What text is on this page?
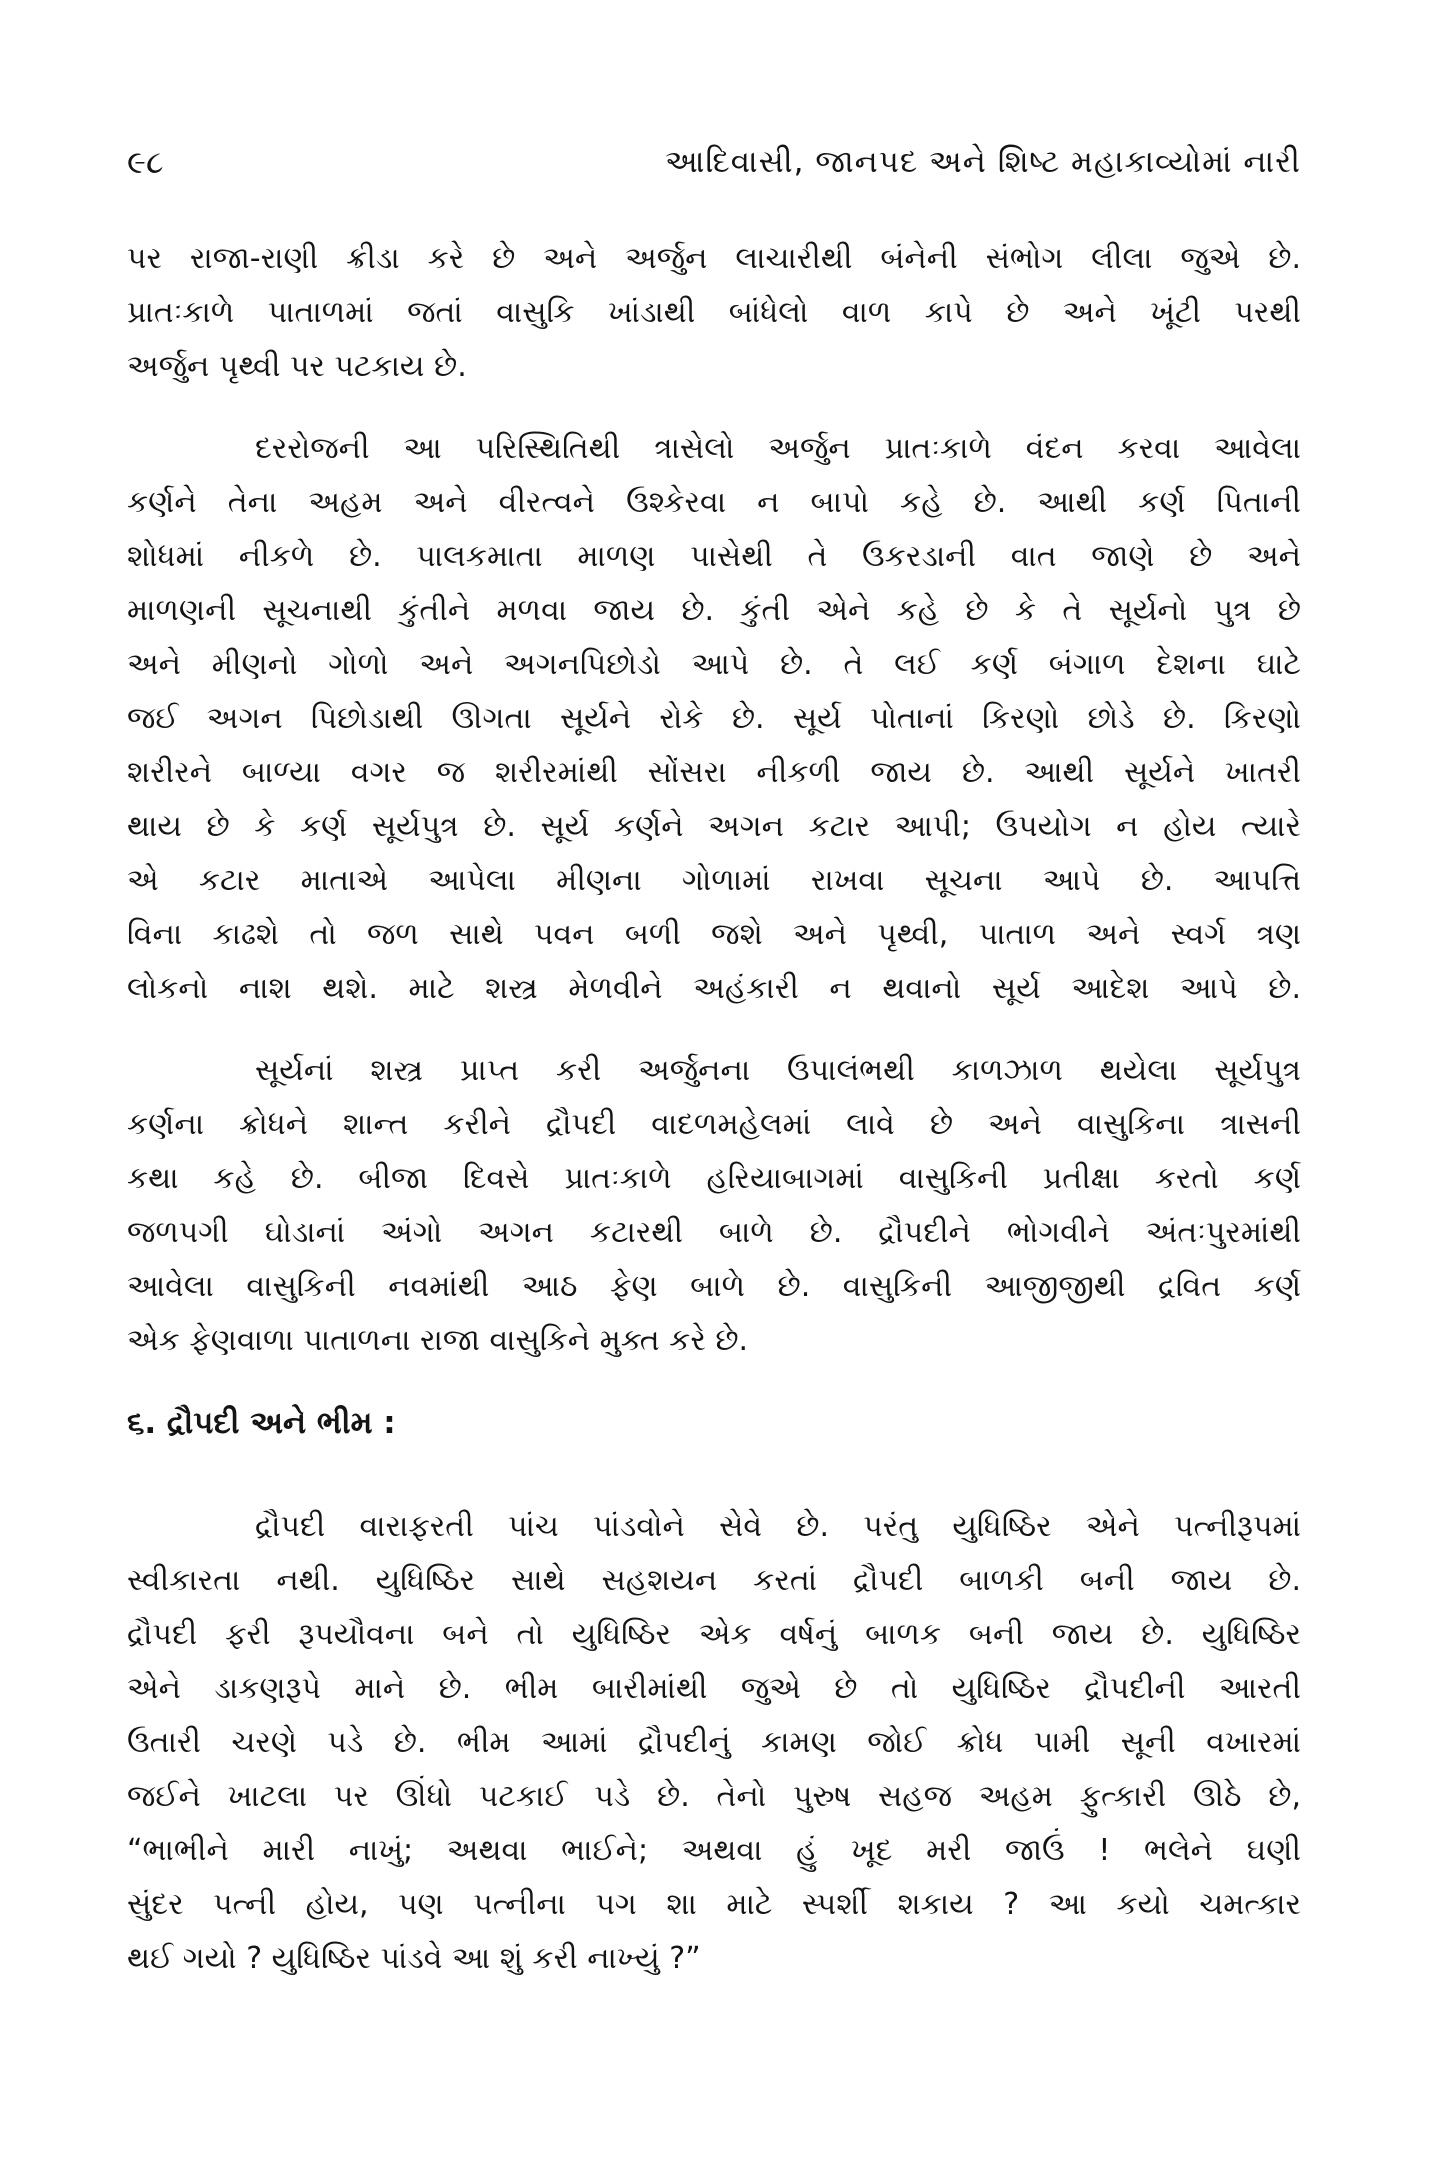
૯૮	આદિવાસી, જાનપદ અને શિષ્ટ મહાકાવ્યોમાં નારી
પર રાજા-રાણી ક્રીડા કરે છે અને અર્જુન લાચારીથી બંનેની સંભોગ લીલા જુએ છે.
પ્રાતઃકાળે પાતાળમાં જતાં વાસુકિ ખાંડાથી બાંધેલો વાળ કાપે છે અને ખૂંટી પરથી
અર્જુન પૃથ્વી પર પટકાય છે.
દરરોજની આ પરિસ્થિતિથી ત્રાસેલો અર્જુન પ્રાતઃકાળે વંદન કરવા આવેલા
કર્ણને તેના અહમ અને વીરત્વને ઉશ્કેરવા ન બાપો કહે છે. આથી કર્ણ પિતાની
શોધમાં નીકળે છે. પાલકમાતા માળણ પાસેથી તે ઉકરડાની વાત જાણે છે અને
માળણની સૂચનાથી કુંતીને મળવા જાય છે. કુંતી એને કહે છે કે તે સૂર્યનો પુત્ર છે
અને મીણનો ગોળો અને અગનપિછોડો આપે છે. તે લઈ કર્ણ બંગાળ દેશના ઘાટે
જઈ અગન પિછોડાથી ઊગતા સૂર્યને રોકે છે. સૂર્ય પોતાનાં કિરણો છોડે છે. કિરણો
શરીરને બાળ્યા વગર જ શરીરમાંથી સોંસરા નીકળી જાય છે. આથી સૂર્યને ખાતરી
થાય છે કે કર્ણ સૂર્યપુત્ર છે. સૂર્ય કર્ણને અગન કટાર આપી; ઉપયોગ ન હોય ત્યારે
એ કટાર માતાએ આપેલા મીણના ગોળામાં રાખવા સૂચના આપે છે. આપત્તિ
વિના કાઢશે તો જળ સાથે પવન બળી જશે અને પૃથ્વી, પાતાળ અને સ્વર્ગ ત્રણ
લોકનો નાશ થશે. માટે શસ્ત્ર મેળવીને અહંકારી ન થવાનો સૂર્ય આદેશ આપે છે.
સૂર્યનાં શસ્ત્ર પ્રાપ્ત કરી અર્જુનના ઉપાલંભથી કાળઝાળ થયેલા સૂર્યપુત્ર
કર્ણના ક્રોધને શાન્ત કરીને દ્રૌપદી વાદળમહેલમાં લાવે છે અને વાસુકિના ત્રાસની
કથા કહે છે. બીજા દિવસે પ્રાતઃકાળે હરિયાબાગમાં વાસુકિની પ્રતીક્ષા કરતો કર્ણ
જળપગી ઘોડાનાં અંગો અગન કટારથી બાળે છે. દ્રૌપદીને ભોગવીને અંતઃપુરમાંથી
આવેલા વાસુકિની નવમાંથી આઠ ફેણ બાળે છે. વાસુકિની આજીજીથી દ્રવિત કર્ણ
એક ફેણવાળા પાતાળના રાજા વાસુકિને મુક્ત કરે છે.
૬. દ્રૌપદી અને ભીમ :
દ્રૌપદી વારાફરતી પાંચ પાંડવોને સેવે છે. પરંતુ યુધિષ્ઠિર એને પત્નીરૂપમાં
સ્વીકારતા નથી. યુધિષ્ઠિર સાથે સહશયન કરતાં દ્રૌપદી બાળકી બની જાય છે.
દ્રૌપદી ફરી રૂપયૌવના બને તો યુધિષ્ઠિર એક વર્ષનું બાળક બની જાય છે. યુધિષ્ઠિર
એને ડાકણરૂપે માને છે. ભીમ બારીમાંથી જુએ છે તો યુધિષ્ઠિર દ્રૌપદીની આરતી
ઉતારી ચરણે પડે છે. ભીમ આમાં દ્રૌપદીનું કામણ જોઈ ક્રોધ પામી સૂની વખારમાં
જઈને ખાટલા પર ઊંધો પટકાઈ પડે છે. તેનો પુરુષ સહજ અહમ ફુત્કારી ઊઠે છે,
“ભાભીને મારી નાખું; અથવા ભાઈને; અથવા હું ખૂદ મરી જાઉં ! ભલેને ઘણી
સુંદર પત્ની હોય, પણ પત્નીના પગ શા માટે સ્પર્શી શકાય ? આ કયો ચમત્કાર
થઈ ગયો ? યુધિષ્ઠિર પાંડવે આ શું કરી નાખ્યું ?”
